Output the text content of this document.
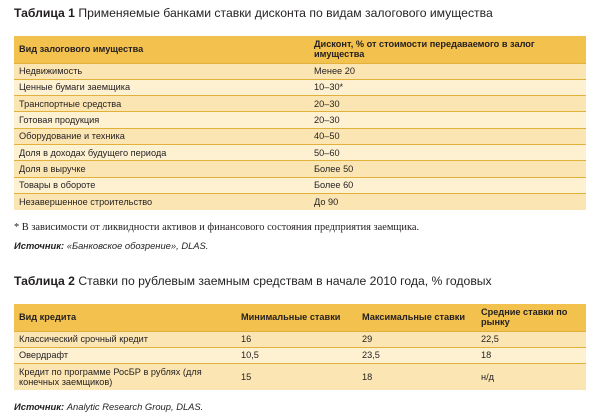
Таблица 1 Применяемые банками ставки дисконта по видам залогового имущества
Вид залогового имущества	Дисконт, % от стоимости передаваемого в залог имущества
Недвижимость	Менее 20
Ценные бумаги заемщика	10–30*
Транспортные средства	20–30
Готовая продукция	20–30
Оборудование и техника	40–50
Доля в доходах будущего периода	50–60
Доля в выручке	Более 50
Товары в обороте	Более 60
Незавершенное строительство	До 90
* В зависимости от ликвидности активов и финансового состояния предприятия заемщика.
Источник: «Банковское обозрение», DLAS.
Таблица 2 Ставки по рублевым заемным средствам в начале 2010 года, % годовых
Вид кредита	Минимальные ставки	Максимальные ставки	Средние ставки по рынку
Классический срочный кредит	16	29	22,5
Овердрафт	10,5	23,5	18
Кредит по программе РосБР в рублях (для конечных заемщиков)	15	18	н/д
Источник: Analytic Research Group, DLAS.
